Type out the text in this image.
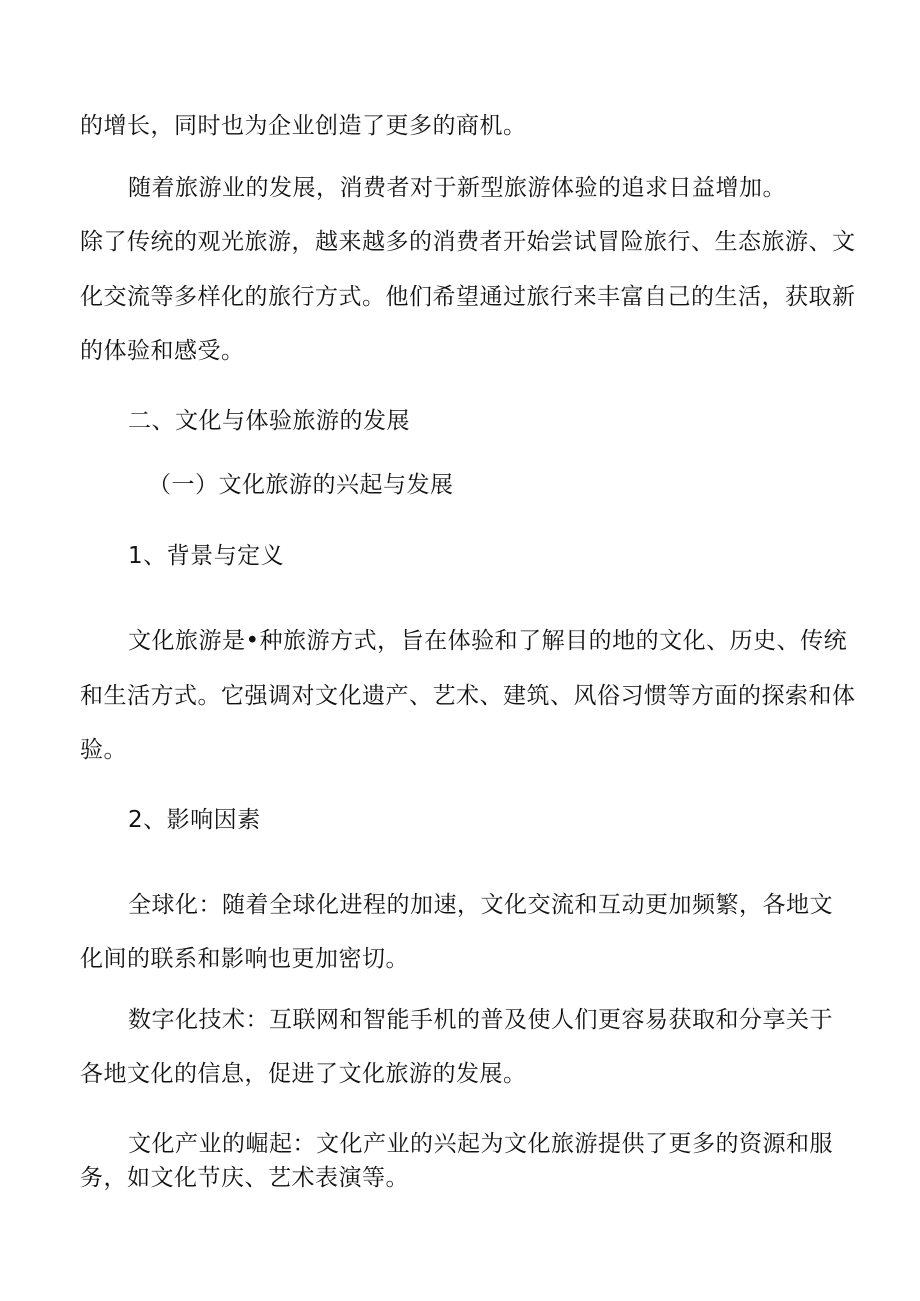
的增长，同时也为企业创造了更多的商机。
随着旅游业的发展，消费者对于新型旅游体验的追求日益增加。
除了传统的观光旅游，越来越多的消费者开始尝试冒险旅行、生态旅游、文
化交流等多样化的旅行方式。他们希望通过旅行来丰富自己的生活，获取新
的体验和感受。
二、文化与体验旅游的发展
（一）文化旅游的兴起与发展
1、背景与定义
文化旅游是•种旅游方式，旨在体验和了解目的地的文化、历史、传统
和生活方式。它强调对文化遗产、艺术、建筑、风俗习惯等方面的探索和体
验。
2、影响因素
全球化：随着全球化进程的加速，文化交流和互动更加频繁，各地文
化间的联系和影响也更加密切。
数字化技术：互联网和智能手机的普及使人们更容易获取和分享关于
各地文化的信息，促进了文化旅游的发展。
文化产业的崛起：文化产业的兴起为文化旅游提供了更多的资源和服
务，如文化节庆、艺术表演等。
